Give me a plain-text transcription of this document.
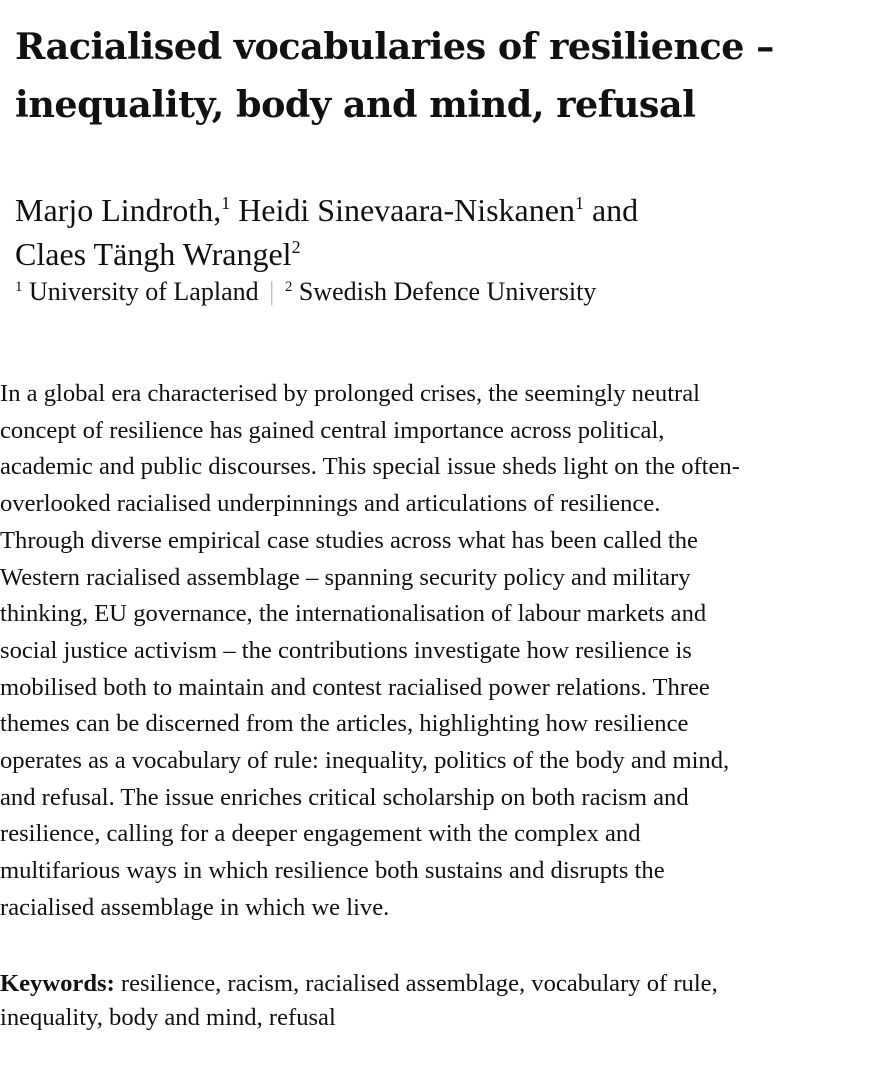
Racialised vocabularies of resilience –
inequality, body and mind, refusal
Marjo Lindroth,$^1$ Heidi Sinevaara-Niskanen$^1$ and
Claes Tängh Wrangel$^2$
$^1$ University of Lapland | $^2$ Swedish Defence University
In a global era characterised by prolonged crises, the seemingly neutral
concept of resilience has gained central importance across political,
academic and public discourses. This special issue sheds light on the often-
overlooked racialised underpinnings and articulations of resilience.
Through diverse empirical case studies across what has been called the
Western racialised assemblage – spanning security policy and military
thinking, EU governance, the internationalisation of labour markets and
social justice activism – the contributions investigate how resilience is
mobilised both to maintain and contest racialised power relations. Three
themes can be discerned from the articles, highlighting how resilience
operates as a vocabulary of rule: inequality, politics of the body and mind,
and refusal. The issue enriches critical scholarship on both racism and
resilience, calling for a deeper engagement with the complex and
multifarious ways in which resilience both sustains and disrupts the
racialised assemblage in which we live.
Keywords: resilience, racism, racialised assemblage, vocabulary of rule,
inequality, body and mind, refusal
